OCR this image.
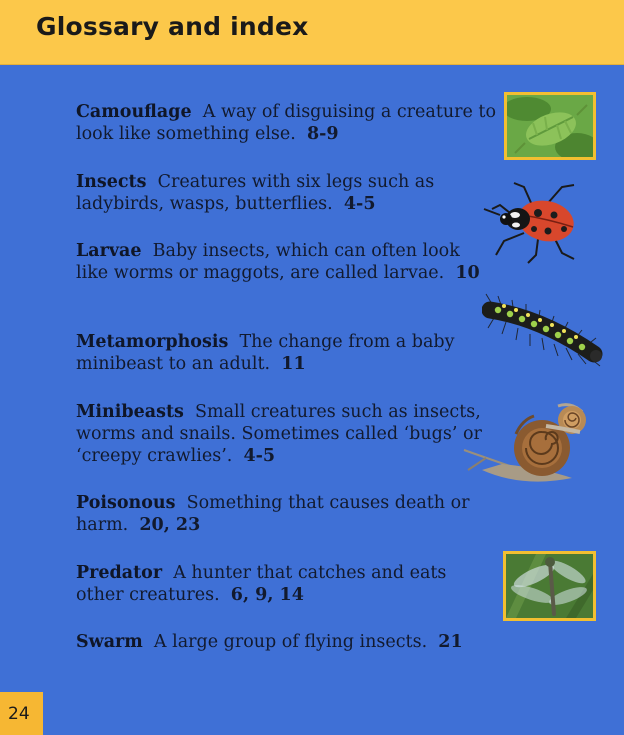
Glossary and index
Camouflage A way of disguising a creature to look like something else. 8-9
Insects Creatures with six legs such as ladybirds, wasps, butterflies. 4-5
Larvae Baby insects, which can often look like worms or maggots, are called larvae. 10
Metamorphosis The change from a baby minibeast to an adult. 11
Minibeasts Small creatures such as insects, worms and snails. Sometimes called ‘bugs’ or ‘creepy crawlies’. 4-5
Poisonous Something that causes death or harm. 20, 23
Predator A hunter that catches and eats other creatures. 6, 9, 14
Swarm A large group of flying insects. 21
24
